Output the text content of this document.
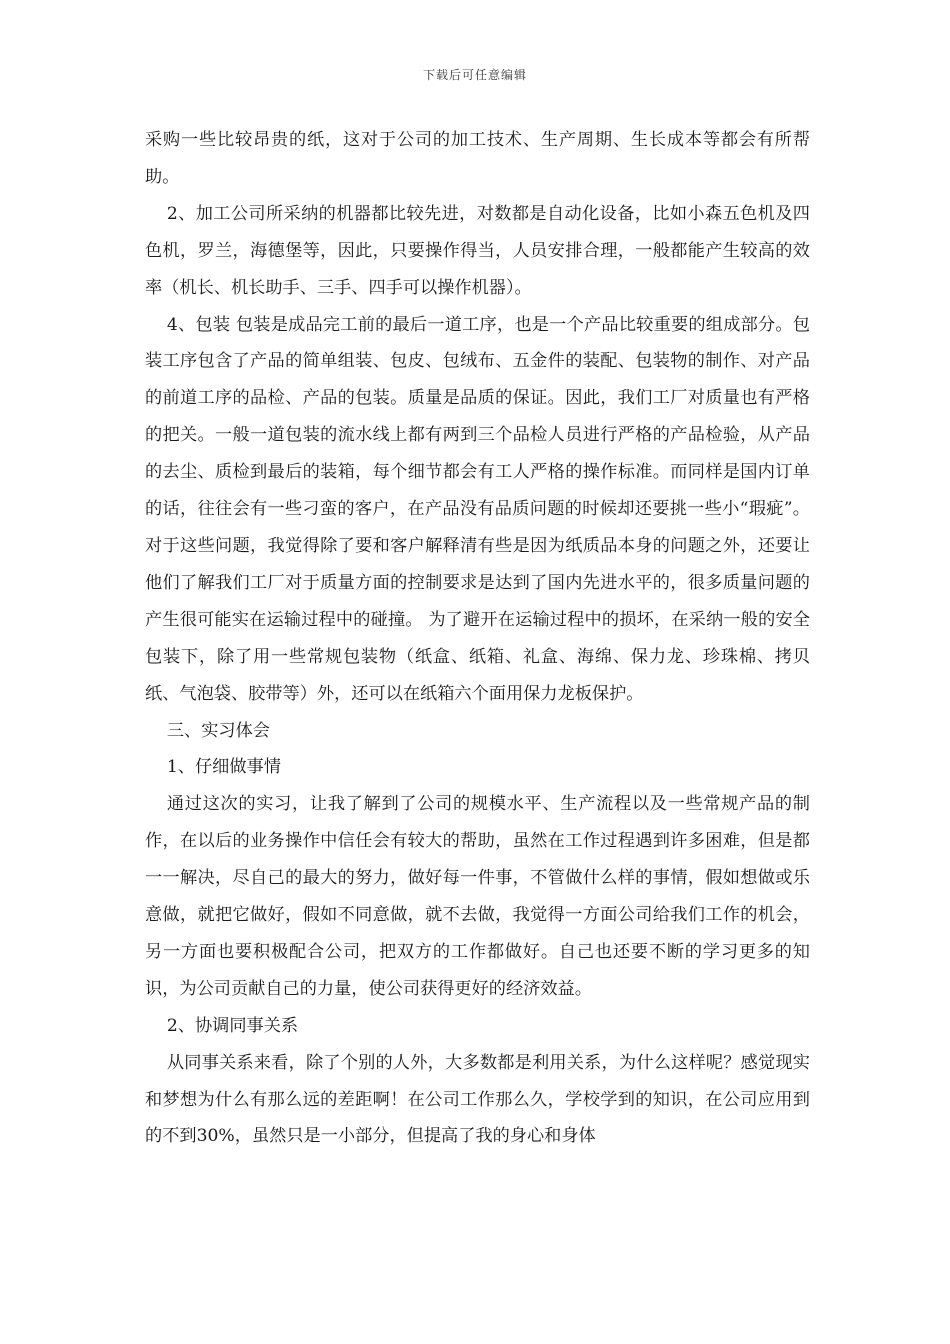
下载后可任意编辑

采购一些比较昂贵的纸，这对于公司的加工技术、生产周期、生长成本等都会有所帮助。

2、加工公司所采纳的机器都比较先进，对数都是自动化设备，比如小森五色机及四色机，罗兰，海德堡等，因此，只要操作得当，人员安排合理，一般都能产生较高的效率（机长、机长助手、三手、四手可以操作机器）。

4、包装 包装是成品完工前的最后一道工序，也是一个产品比较重要的组成部分。包装工序包含了产品的简单组装、包皮、包绒布、五金件的装配、包装物的制作、对产品的前道工序的品检、产品的包装。质量是品质的保证。因此，我们工厂对质量也有严格的把关。一般一道包装的流水线上都有两到三个品检人员进行严格的产品检验，从产品的去尘、质检到最后的装箱，每个细节都会有工人严格的操作标准。而同样是国内订单的话，往往会有一些刁蛮的客户，在产品没有品质问题的时候却还要挑一些小“瑕疵”。对于这些问题，我觉得除了要和客户解释清有些是因为纸质品本身的问题之外，还要让他们了解我们工厂对于质量方面的控制要求是达到了国内先进水平的，很多质量问题的产生很可能实在运输过程中的碰撞。 为了避开在运输过程中的损坏，在采纳一般的安全包装下，除了用一些常规包装物（纸盒、纸箱、礼盒、海绵、保力龙、珍珠棉、拷贝纸、气泡袋、胶带等）外，还可以在纸箱六个面用保力龙板保护。

三、实习体会

1、仔细做事情

通过这次的实习，让我了解到了公司的规模水平、生产流程以及一些常规产品的制作，在以后的业务操作中信任会有较大的帮助，虽然在工作过程遇到许多困难，但是都一一解决，尽自己的最大的努力，做好每一件事，不管做什么样的事情，假如想做或乐意做，就把它做好，假如不同意做，就不去做，我觉得一方面公司给我们工作的机会，另一方面也要积极配合公司，把双方的工作都做好。自己也还要不断的学习更多的知识，为公司贡献自己的力量，使公司获得更好的经济效益。

2、协调同事关系

从同事关系来看，除了个别的人外，大多数都是利用关系，为什么这样呢？感觉现实和梦想为什么有那么远的差距啊！在公司工作那么久，学校学到的知识，在公司应用到的不到30%，虽然只是一小部分，但提高了我的身心和身体
